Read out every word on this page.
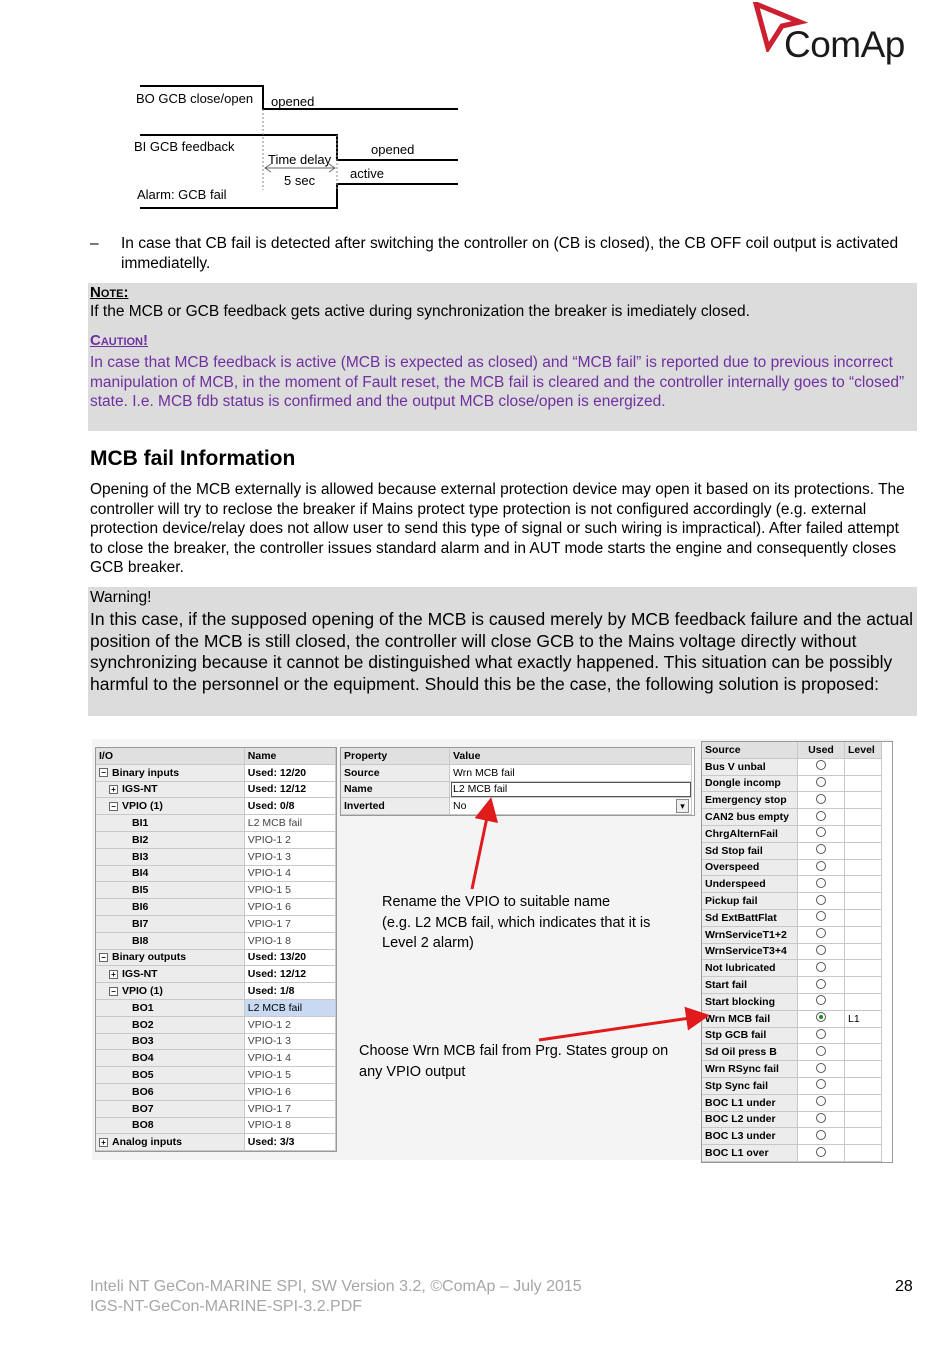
ComAp
BO GCB close/open opened
BI GCB feedback
Time delay
5 sec
opened
active
Alarm: GCB fail
– In case that CB fail is detected after switching the controller on (CB is closed), the CB OFF coil output is activated immediatelly.
Note:
If the MCB or GCB feedback gets active during synchronization the breaker is imediately closed.
Caution!
In case that MCB feedback is active (MCB is expected as closed) and “MCB fail” is reported due to previous incorrect manipulation of MCB, in the moment of Fault reset, the MCB fail is cleared and the controller internally goes to “closed” state. I.e. MCB fdb status is confirmed and the output MCB close/open is energized.
MCB fail Information
Opening of the MCB externally is allowed because external protection device may open it based on its protections. The controller will try to reclose the breaker if Mains protect type protection is not configured accordingly (e.g. external protection device/relay does not allow user to send this type of signal or such wiring is impractical). After failed attempt to close the breaker, the controller issues standard alarm and in AUT mode starts the engine and consequently closes GCB breaker.
Warning!
In this case, if the supposed opening of the MCB is caused merely by MCB feedback failure and the actual position of the MCB is still closed, the controller will close GCB to the Mains voltage directly without synchronizing because it cannot be distinguished what exactly happened. This situation can be possibly harmful to the personnel or the equipment. Should this be the case, the following solution is proposed:
I/O	Name
− Binary inputs	Used: 12/20
+ IGS-NT	Used: 12/12
− VPIO (1)	Used: 0/8
BI1	L2 MCB fail
BI2	VPIO-1 2
BI3	VPIO-1 3
BI4	VPIO-1 4
BI5	VPIO-1 5
BI6	VPIO-1 6
BI7	VPIO-1 7
BI8	VPIO-1 8
− Binary outputs	Used: 13/20
+ IGS-NT	Used: 12/12
− VPIO (1)	Used: 1/8
BO1	L2 MCB fail
BO2	VPIO-1 2
BO3	VPIO-1 3
BO4	VPIO-1 4
BO5	VPIO-1 5
BO6	VPIO-1 6
BO7	VPIO-1 7
BO8	VPIO-1 8
+ Analog inputs	Used: 3/3
Property	Value
Source	Wrn MCB fail
Name	L2 MCB fail
Inverted	No ▾
Source	Used	Level
Bus V unbal		
Dongle incomp		
Emergency stop		
CAN2 bus empty		
ChrgAlternFail		
Sd Stop fail		
Overspeed		
Underspeed		
Pickup fail		
Sd ExtBattFlat		
WrnServiceT1+2		
WrnServiceT3+4		
Not lubricated		
Start fail		
Start blocking		
Wrn MCB fail		L1
Stp GCB fail		
Sd Oil press B		
Wrn RSync fail		
Stp Sync fail		
BOC L1 under		
BOC L2 under		
BOC L3 under		
BOC L1 over		
Rename the VPIO to suitable name
(e.g. L2 MCB fail, which indicates that it is
Level 2 alarm)
Choose Wrn MCB fail from Prg. States group on
any VPIO output
Inteli NT GeCon-MARINE SPI, SW Version 3.2, ©ComAp – July 2015
IGS-NT-GeCon-MARINE-SPI-3.2.PDF
28
